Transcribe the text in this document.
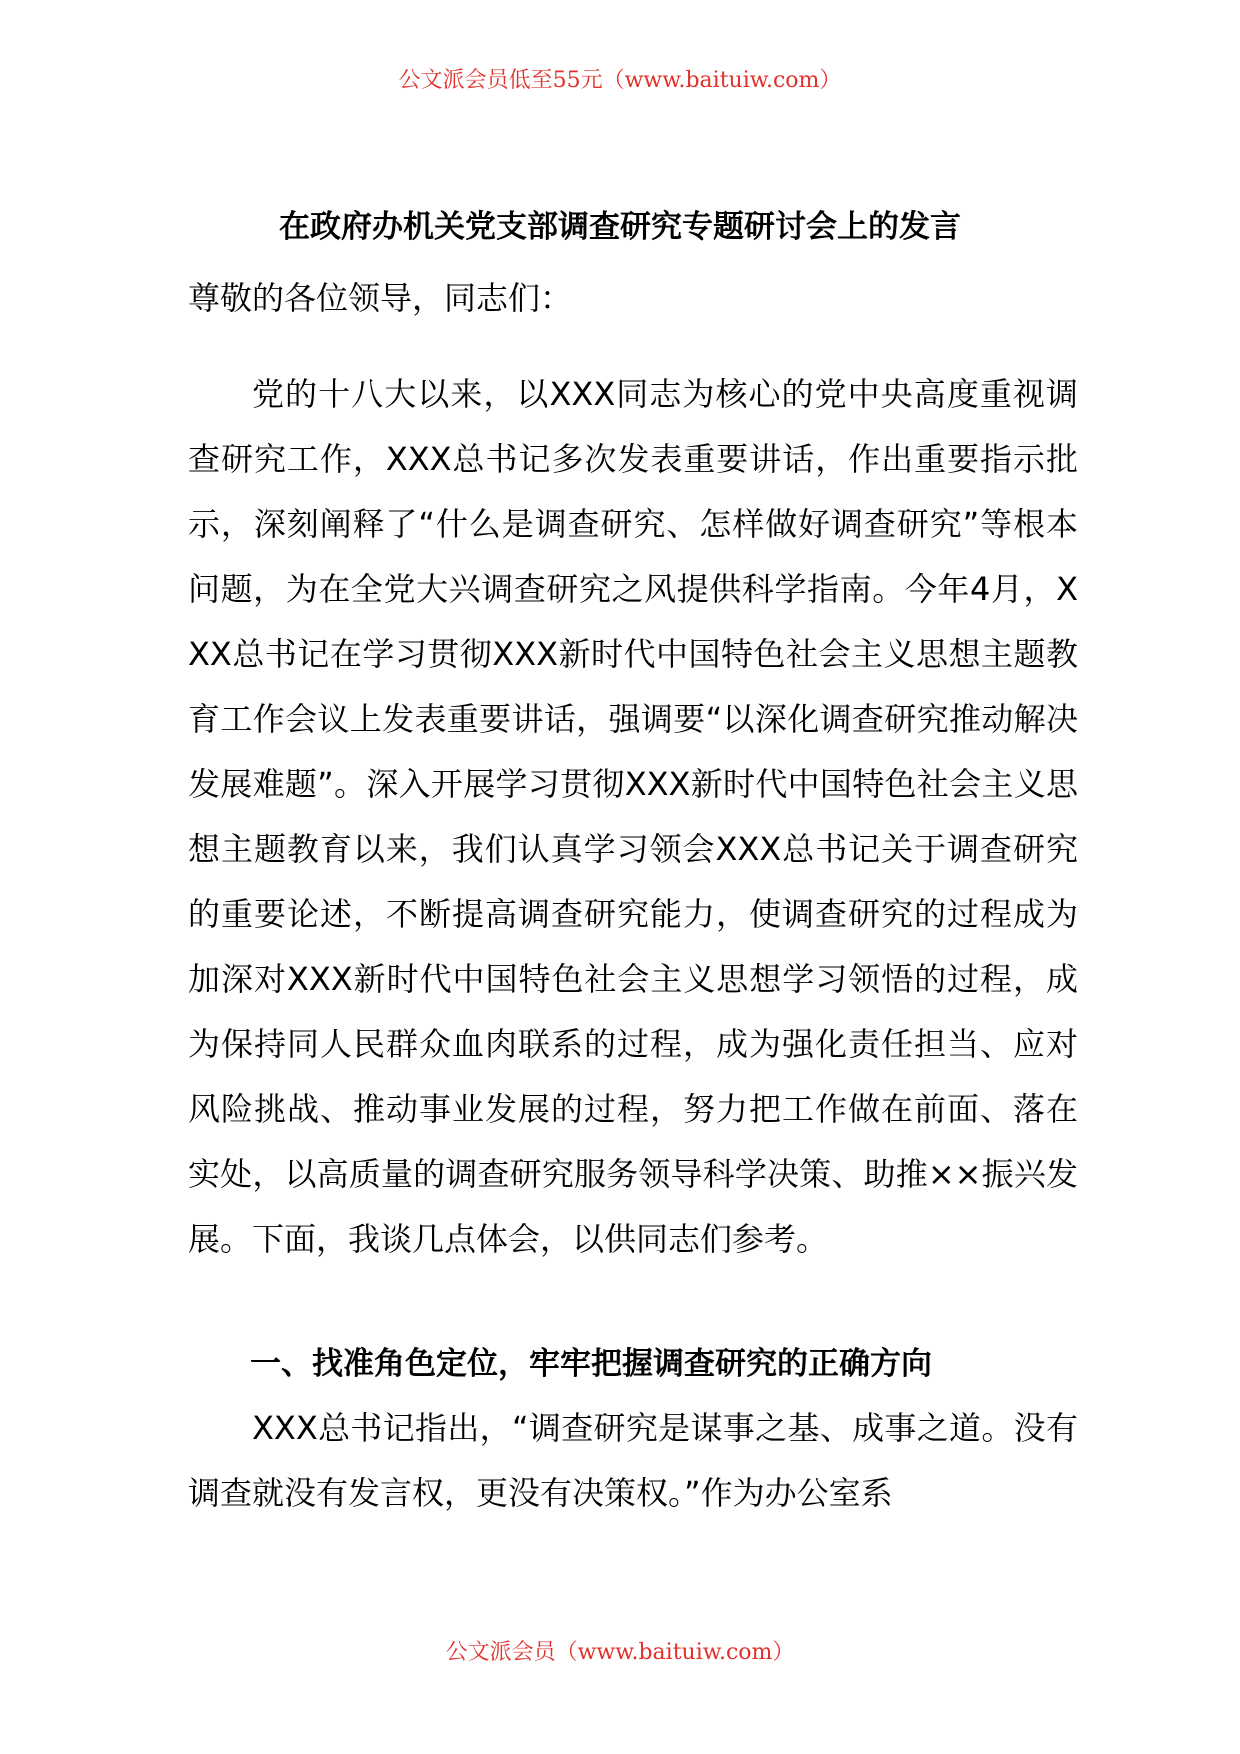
公文派会员低至55元（www.baituiw.com）
在政府办机关党支部调查研究专题研讨会上的发言
尊敬的各位领导，同志们：
党的十八大以来，以XXX同志为核心的党中央高度重视调查研究工作，XXX总书记多次发表重要讲话，作出重要指示批示，深刻阐释了“什么是调查研究、怎样做好调查研究”等根本问题，为在全党大兴调查研究之风提供科学指南。今年4月，XXX总书记在学习贯彻XXX新时代中国特色社会主义思想主题教育工作会议上发表重要讲话，强调要“以深化调查研究推动解决发展难题”。深入开展学习贯彻XXX新时代中国特色社会主义思想主题教育以来，我们认真学习领会XXX总书记关于调查研究的重要论述，不断提高调查研究能力，使调查研究的过程成为加深对XXX新时代中国特色社会主义思想学习领悟的过程，成为保持同人民群众血肉联系的过程，成为强化责任担当、应对风险挑战、推动事业发展的过程，努力把工作做在前面、落在实处，以高质量的调查研究服务领导科学决策、助推××振兴发展。下面，我谈几点体会，以供同志们参考。
一、找准角色定位，牢牢把握调查研究的正确方向
XXX总书记指出，“调查研究是谋事之基、成事之道。没有调查就没有发言权，更没有决策权。”作为办公室系
公文派会员（www.baituiw.com）
